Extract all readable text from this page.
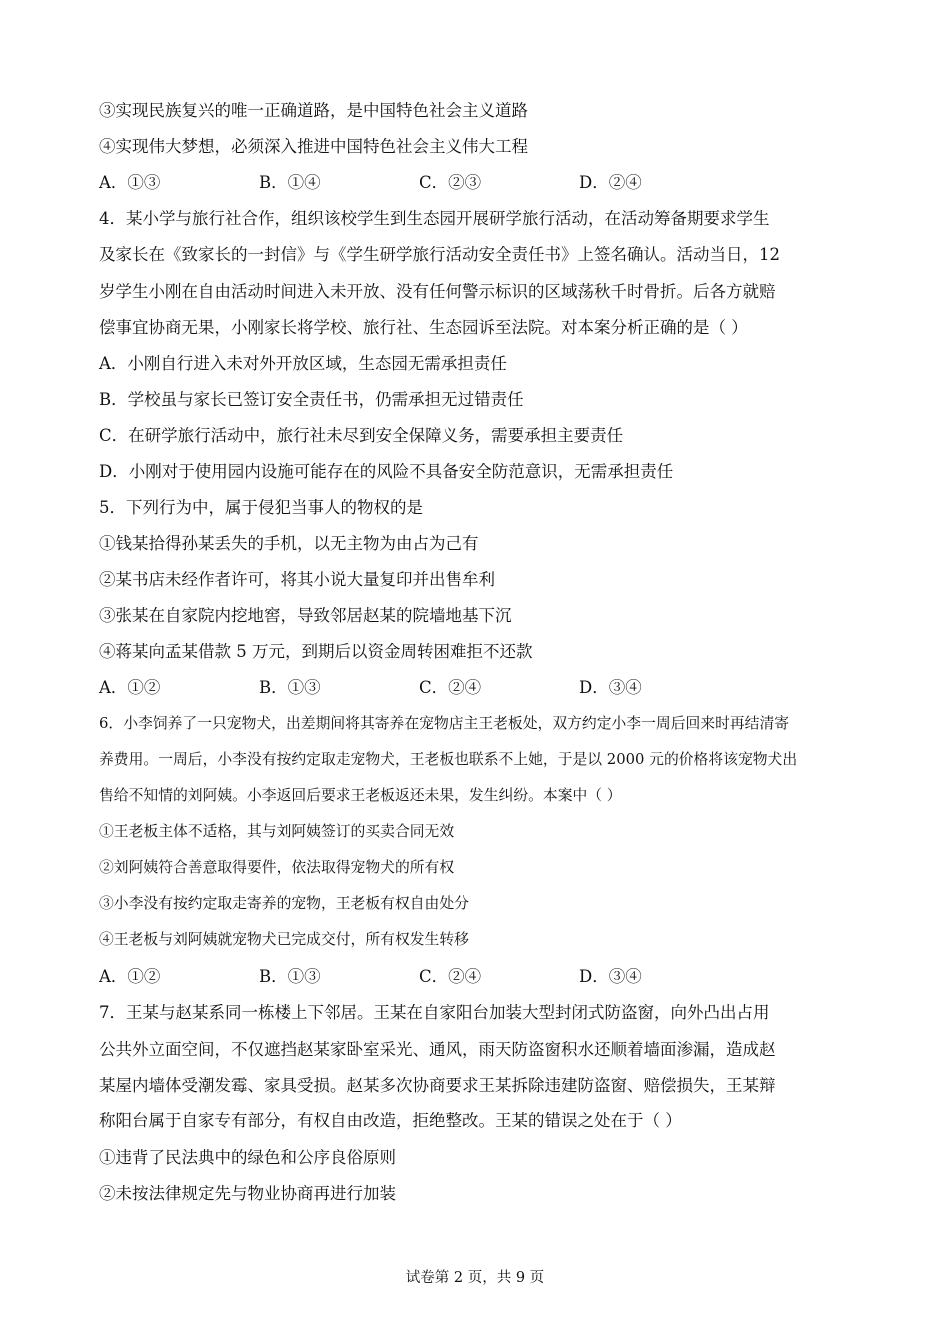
③实现民族复兴的唯一正确道路，是中国特色社会主义道路
④实现伟大梦想，必须深入推进中国特色社会主义伟大工程
A．①③	B．①④	C．②③	D．②④
4．某小学与旅行社合作，组织该校学生到生态园开展研学旅行活动，在活动筹备期要求学生
及家长在《致家长的一封信》与《学生研学旅行活动安全责任书》上签名确认。活动当日，12
岁学生小刚在自由活动时间进入未开放、没有任何警示标识的区域荡秋千时骨折。后各方就赔
偿事宜协商无果，小刚家长将学校、旅行社、生态园诉至法院。对本案分析正确的是（ ）
A．小刚自行进入未对外开放区域，生态园无需承担责任
B．学校虽与家长已签订安全责任书，仍需承担无过错责任
C．在研学旅行活动中，旅行社未尽到安全保障义务，需要承担主要责任
D．小刚对于使用园内设施可能存在的风险不具备安全防范意识，无需承担责任
5．下列行为中，属于侵犯当事人的物权的是
①钱某拾得孙某丢失的手机，以无主物为由占为己有
②某书店未经作者许可，将其小说大量复印并出售牟利
③张某在自家院内挖地窖，导致邻居赵某的院墙地基下沉
④蒋某向孟某借款 5 万元，到期后以资金周转困难拒不还款
A．①②	B．①③	C．②④	D．③④
6．小李饲养了一只宠物犬，出差期间将其寄养在宠物店主王老板处，双方约定小李一周后回来时再结清寄
养费用。一周后，小李没有按约定取走宠物犬，王老板也联系不上她，于是以 2000 元的价格将该宠物犬出
售给不知情的刘阿姨。小李返回后要求王老板返还未果，发生纠纷。本案中（ ）
①王老板主体不适格，其与刘阿姨签订的买卖合同无效
②刘阿姨符合善意取得要件，依法取得宠物犬的所有权
③小李没有按约定取走寄养的宠物，王老板有权自由处分
④王老板与刘阿姨就宠物犬已完成交付，所有权发生转移
A．①②	B．①③	C．②④	D．③④
7．王某与赵某系同一栋楼上下邻居。王某在自家阳台加装大型封闭式防盗窗，向外凸出占用
公共外立面空间，不仅遮挡赵某家卧室采光、通风，雨天防盗窗积水还顺着墙面渗漏，造成赵
某屋内墙体受潮发霉、家具受损。赵某多次协商要求王某拆除违建防盗窗、赔偿损失，王某辩
称阳台属于自家专有部分，有权自由改造，拒绝整改。王某的错误之处在于（ ）
①违背了民法典中的绿色和公序良俗原则
②未按法律规定先与物业协商再进行加装
试卷第 2 页，共 9 页
